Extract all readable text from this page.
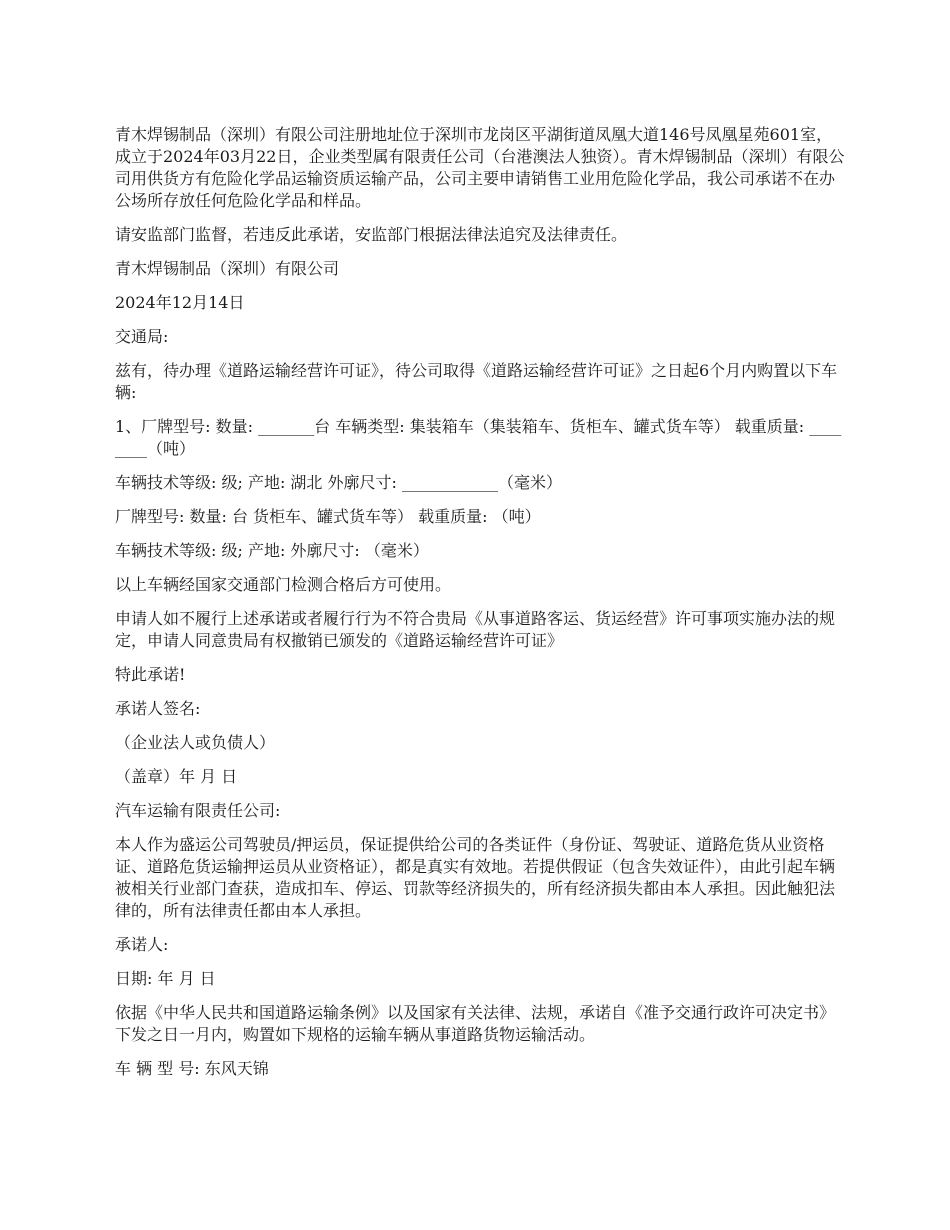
青木焊锡制品（深圳）有限公司注册地址位于深圳市龙岗区平湖街道凤凰大道146号凤凰星苑601室，成立于2024年03月22日，企业类型属有限责任公司（台港澳法人独资）。青木焊锡制品（深圳）有限公司用供货方有危险化学品运输资质运输产品，公司主要申请销售工业用危险化学品，我公司承诺不在办公场所存放任何危险化学品和样品。

请安监部门监督，若违反此承诺，安监部门根据法律法追究及法律责任。

青木焊锡制品（深圳）有限公司

2024年12月14日

交通局:

兹有，待办理《道路运输经营许可证》，待公司取得《道路运输经营许可证》之日起6个月内购置以下车辆:

1、厂牌型号: 数量: _______台 车辆类型: 集装箱车（集装箱车、货柜车、罐式货车等） 载重质量: ________（吨）

车辆技术等级: 级; 产地: 湖北 外廓尺寸: ____________（毫米）

厂牌型号: 数量: 台 货柜车、罐式货车等） 载重质量: （吨）

车辆技术等级: 级; 产地: 外廓尺寸: （毫米）

以上车辆经国家交通部门检测合格后方可使用。

申请人如不履行上述承诺或者履行行为不符合贵局《从事道路客运、货运经营》许可事项实施办法的规定，申请人同意贵局有权撤销已颁发的《道路运输经营许可证》

特此承诺!

承诺人签名:

（企业法人或负债人）

（盖章）年 月 日

汽车运输有限责任公司:

本人作为盛运公司驾驶员/押运员，保证提供给公司的各类证件（身份证、驾驶证、道路危货从业资格证、道路危货运输押运员从业资格证），都是真实有效地。若提供假证（包含失效证件），由此引起车辆被相关行业部门查获，造成扣车、停运、罚款等经济损失的，所有经济损失都由本人承担。因此触犯法律的，所有法律责任都由本人承担。

承诺人:

日期: 年 月 日

依据《中华人民共和国道路运输条例》以及国家有关法律、法规，承诺自《准予交通行政许可决定书》下发之日一月内，购置如下规格的运输车辆从事道路货物运输活动。

车 辆 型 号: 东风天锦
